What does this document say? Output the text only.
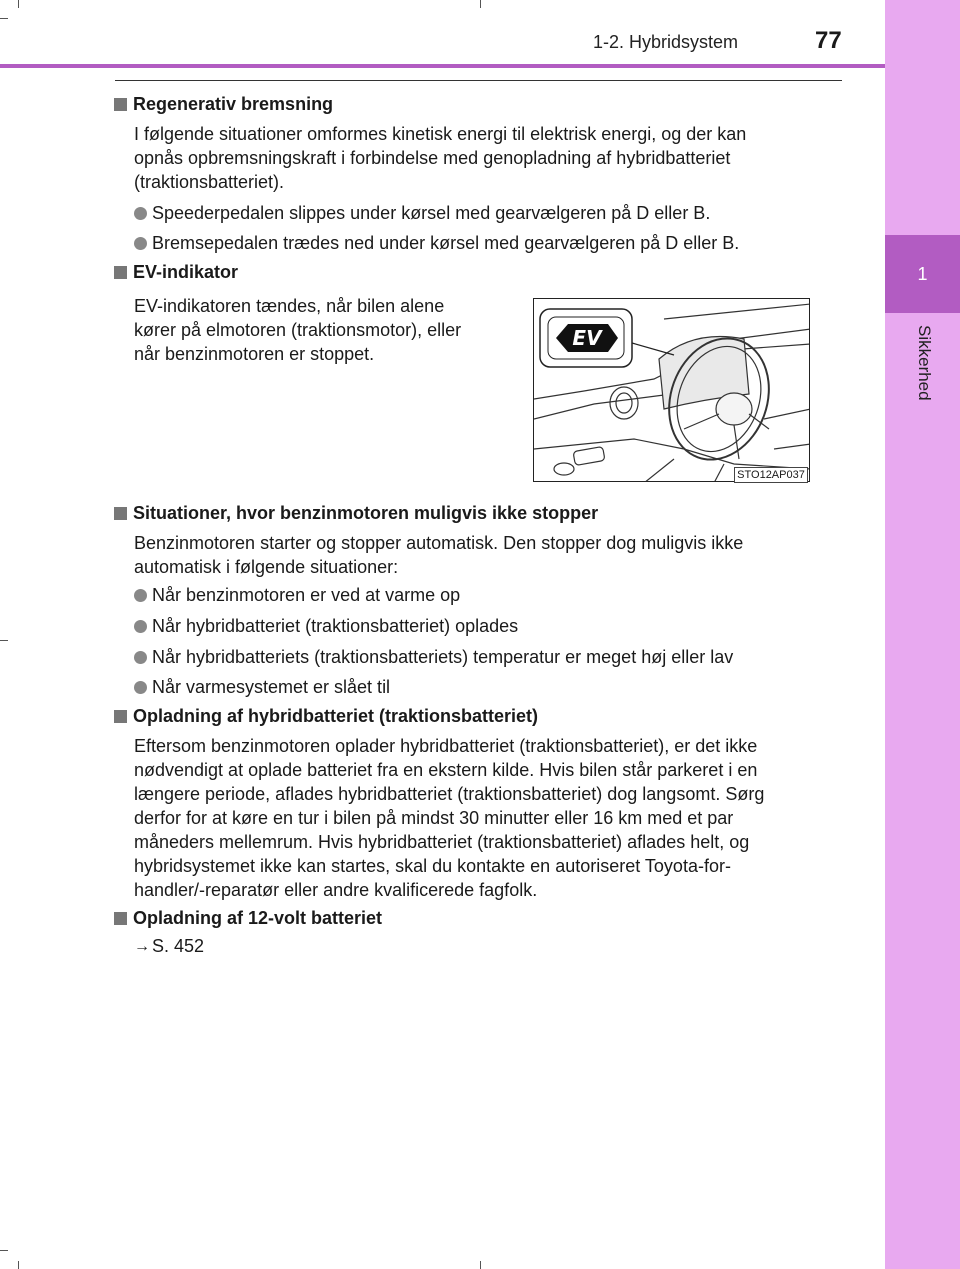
1-2. Hybridsystem	77
1
Sikkerhed
Regenerativ bremsning
I følgende situationer omformes kinetisk energi til elektrisk energi, og der kan
opnås opbremsningskraft i forbindelse med genopladning af hybridbatteriet
(traktionsbatteriet).
Speederpedalen slippes under kørsel med gearvælgeren på D eller B.
Bremsepedalen trædes ned under kørsel med gearvælgeren på D eller B.
EV-indikator
EV-indikatoren tændes, når bilen alene
kører på elmotoren (traktionsmotor), eller
når benzinmotoren er stoppet.
EV
STO12AP037
Situationer, hvor benzinmotoren muligvis ikke stopper
Benzinmotoren starter og stopper automatisk. Den stopper dog muligvis ikke
automatisk i følgende situationer:
Når benzinmotoren er ved at varme op
Når hybridbatteriet (traktionsbatteriet) oplades
Når hybridbatteriets (traktionsbatteriets) temperatur er meget høj eller lav
Når varmesystemet er slået til
Opladning af hybridbatteriet (traktionsbatteriet)
Eftersom benzinmotoren oplader hybridbatteriet (traktionsbatteriet), er det ikke
nødvendigt at oplade batteriet fra en ekstern kilde. Hvis bilen står parkeret i en
længere periode, aflades hybridbatteriet (traktionsbatteriet) dog langsomt. Sørg
derfor for at køre en tur i bilen på mindst 30 minutter eller 16 km med et par
måneders mellemrum. Hvis hybridbatteriet (traktionsbatteriet) aflades helt, og
hybridsystemet ikke kan startes, skal du kontakte en autoriseret Toyota-for-
handler/-reparatør eller andre kvalificerede fagfolk.
Opladning af 12-volt batteriet
→ S. 452
